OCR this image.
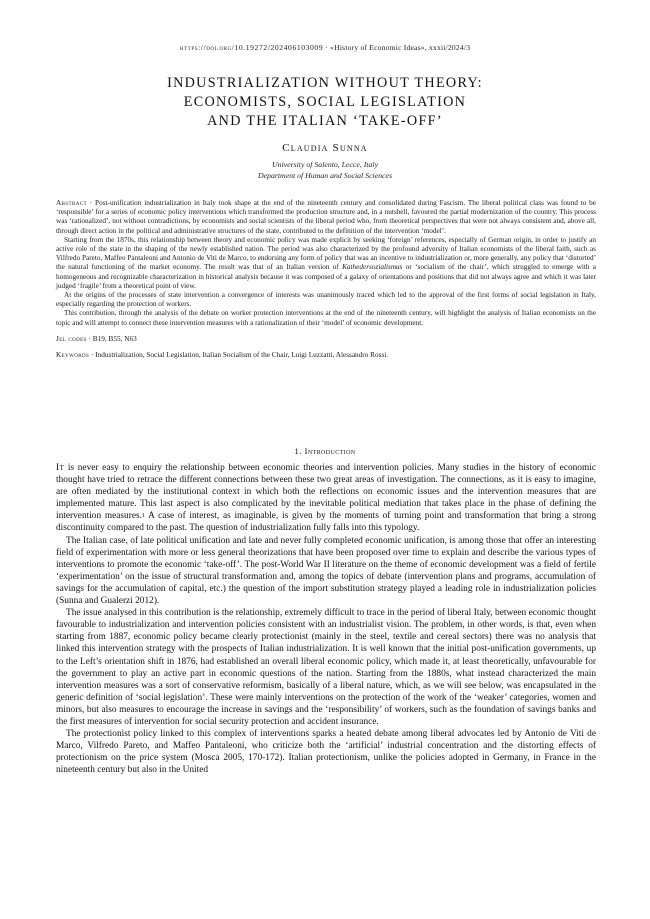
https://doi.org/10.19272/202406103009 · «History of Economic Ideas», xxxii/2024/3
INDUSTRIALIZATION WITHOUT THEORY:
ECONOMISTS, SOCIAL LEGISLATION
AND THE ITALIAN ‘TAKE-OFF’
Claudia Sunna
University of Salento, Lecce, Italy
Department of Human and Social Sciences

Abstract · Post-unification industrialization in Italy took shape at the end of the nineteenth century and consolidated during Fascism. The liberal political class was found to be ‘responsible’ for a series of economic policy interventions which transformed the production structure and, in a nutshell, favoured the partial modernization of the country. This process was ‘rationalized’, not without contradictions, by economists and social scientists of the liberal period who, from theoretical perspectives that were not always consistent and, above all, through direct action in the political and administrative structures of the state, contributed to the definition of the intervention ‘model’.

Starting from the 1870s, this relationship between theory and economic policy was made explicit by seeking ‘foreign’ references, especially of German origin, in order to justify an active role of the state in the shaping of the newly established nation. The period was also characterized by the profound adversity of Italian economists of the liberal faith, such as Vilfredo Pareto, Maffeo Pantaleoni and Antonio de Viti de Marco, to endorsing any form of policy that was an incentive to industrialization or, more generally, any policy that ‘distorted’ the natural functioning of the market economy. The result was that of an Italian version of Kathedersozialismus or ‘socialism of the chair’, which struggled to emerge with a homogeneous and recognizable characterization in historical analysis because it was composed of a galaxy of orientations and positions that did not always agree and which it was later judged ‘fragile’ from a theoretical point of view.

At the origins of the processes of state intervention a convergence of interests was unanimously traced which led to the approval of the first forms of social legislation in Italy, especially regarding the protection of workers.

This contribution, through the analysis of the debate on worker protection interventions at the end of the nineteenth century, will highlight the analysis of Italian economists on the topic and will attempt to connect these intervention measures with a rationalization of their ‘model’ of economic development.

Jel codes · B19, B55, N63

Keywords · Industrialization, Social Legislation, Italian Socialism of the Chair, Luigi Luzzatti, Alessandro Rossi.

1. Introduction

It is never easy to enquiry the relationship between economic theories and intervention policies. Many studies in the history of economic thought have tried to retrace the different connections between these two great areas of investigation. The connections, as it is easy to imagine, are often mediated by the institutional context in which both the reflections on economic issues and the intervention measures that are implemented mature. This last aspect is also complicated by the inevitable political mediation that takes place in the phase of defining the intervention measures.$^1$ A case of interest, as imaginable, is given by the moments of turning point and transformation that bring a strong discontinuity compared to the past. The question of industrialization fully falls into this typology.

The Italian case, of late political unification and late and never fully completed economic unification, is among those that offer an interesting field of experimentation with more or less general theorizations that have been proposed over time to explain and describe the various types of interventions to promote the economic ‘take-off’. The post-World War II literature on the theme of economic development was a field of fertile ‘experimentation’ on the issue of structural transformation and, among the topics of debate (intervention plans and programs, accumulation of savings for the accumulation of capital, etc.) the question of the import substitution strategy played a leading role in industrialization policies (Sunna and Gualerzi 2012).

The issue analysed in this contribution is the relationship, extremely difficult to trace in the period of liberal Italy, between economic thought favourable to industrialization and intervention policies consistent with an industrialist vision. The problem, in other words, is that, even when starting from 1887, economic policy became clearly protectionist (mainly in the steel, textile and cereal sectors) there was no analysis that linked this intervention strategy with the prospects of Italian industrialization. It is well known that the initial post-unification governments, up to the Left’s orientation shift in 1876, had established an overall liberal economic policy, which made it, at least theoretically, unfavourable for the government to play an active part in economic questions of the nation. Starting from the 1880s, what instead characterized the main intervention measures was a sort of conservative reformism, basically of a liberal nature, which, as we will see below, was encapsulated in the generic definition of ‘social legislation’. These were mainly interventions on the protection of the work of the ‘weaker’ categories, women and minors, but also measures to encourage the increase in savings and the ‘responsibility’ of workers, such as the foundation of savings banks and the first measures of intervention for social security protection and accident insurance.

The protectionist policy linked to this complex of interventions sparks a heated debate among liberal advocates led by Antonio de Viti de Marco, Vilfredo Pareto, and Maffeo Pantaleoni, who criticize both the ‘artificial’ industrial concentration and the distorting effects of protectionism on the price system (Mosca 2005, 170-172). Italian protectionism, unlike the policies adopted in Germany, in France in the nineteenth century but also in the United
